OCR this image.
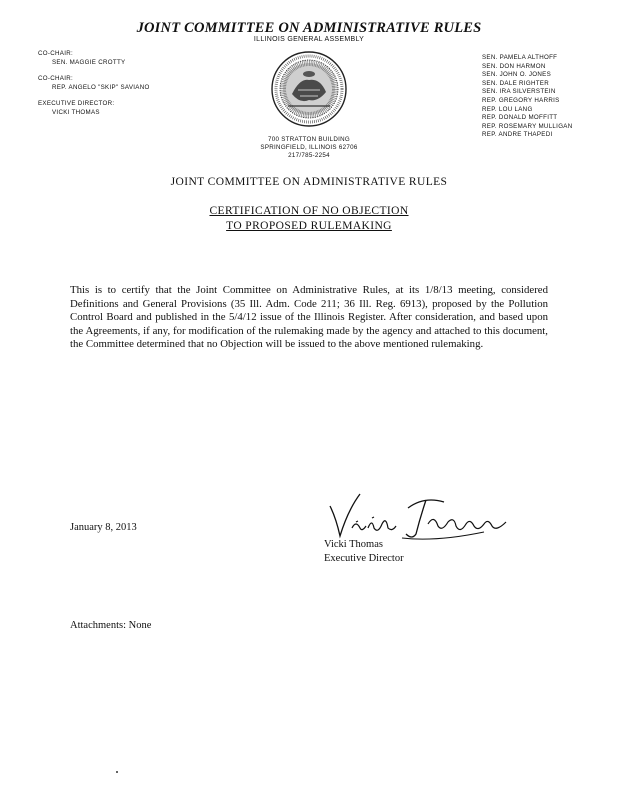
JOINT COMMITTEE ON ADMINISTRATIVE RULES
ILLINOIS GENERAL ASSEMBLY
CO-CHAIR:
SEN. MAGGIE CROTTY
CO-CHAIR:
REP. ANGELO "SKIP" SAVIANO
EXECUTIVE DIRECTOR:
VICKI THOMAS
SEN. PAMELA ALTHOFF
SEN. DON HARMON
SEN. JOHN O. JONES
SEN. DALE RIGHTER
SEN. IRA SILVERSTEIN
REP. GREGORY HARRIS
REP. LOU LANG
REP. DONALD MOFFITT
REP. ROSEMARY MULLIGAN
REP. ANDRE THAPEDI
700 STRATTON BUILDING
SPRINGFIELD, ILLINOIS 62706
217/785-2254
JOINT COMMITTEE ON ADMINISTRATIVE RULES
CERTIFICATION OF NO OBJECTION
TO PROPOSED RULEMAKING
This is to certify that the Joint Committee on Administrative Rules, at its 1/8/13 meeting, considered Definitions and General Provisions (35 Ill. Adm. Code 211; 36 Ill. Reg. 6913), proposed by the Pollution Control Board and published in the 5/4/12 issue of the Illinois Register. After consideration, and based upon the Agreements, if any, for modification of the rulemaking made by the agency and attached to this document, the Committee determined that no Objection will be issued to the above mentioned rulemaking.
January 8, 2013
Vicki Thomas
Executive Director
Attachments: None
